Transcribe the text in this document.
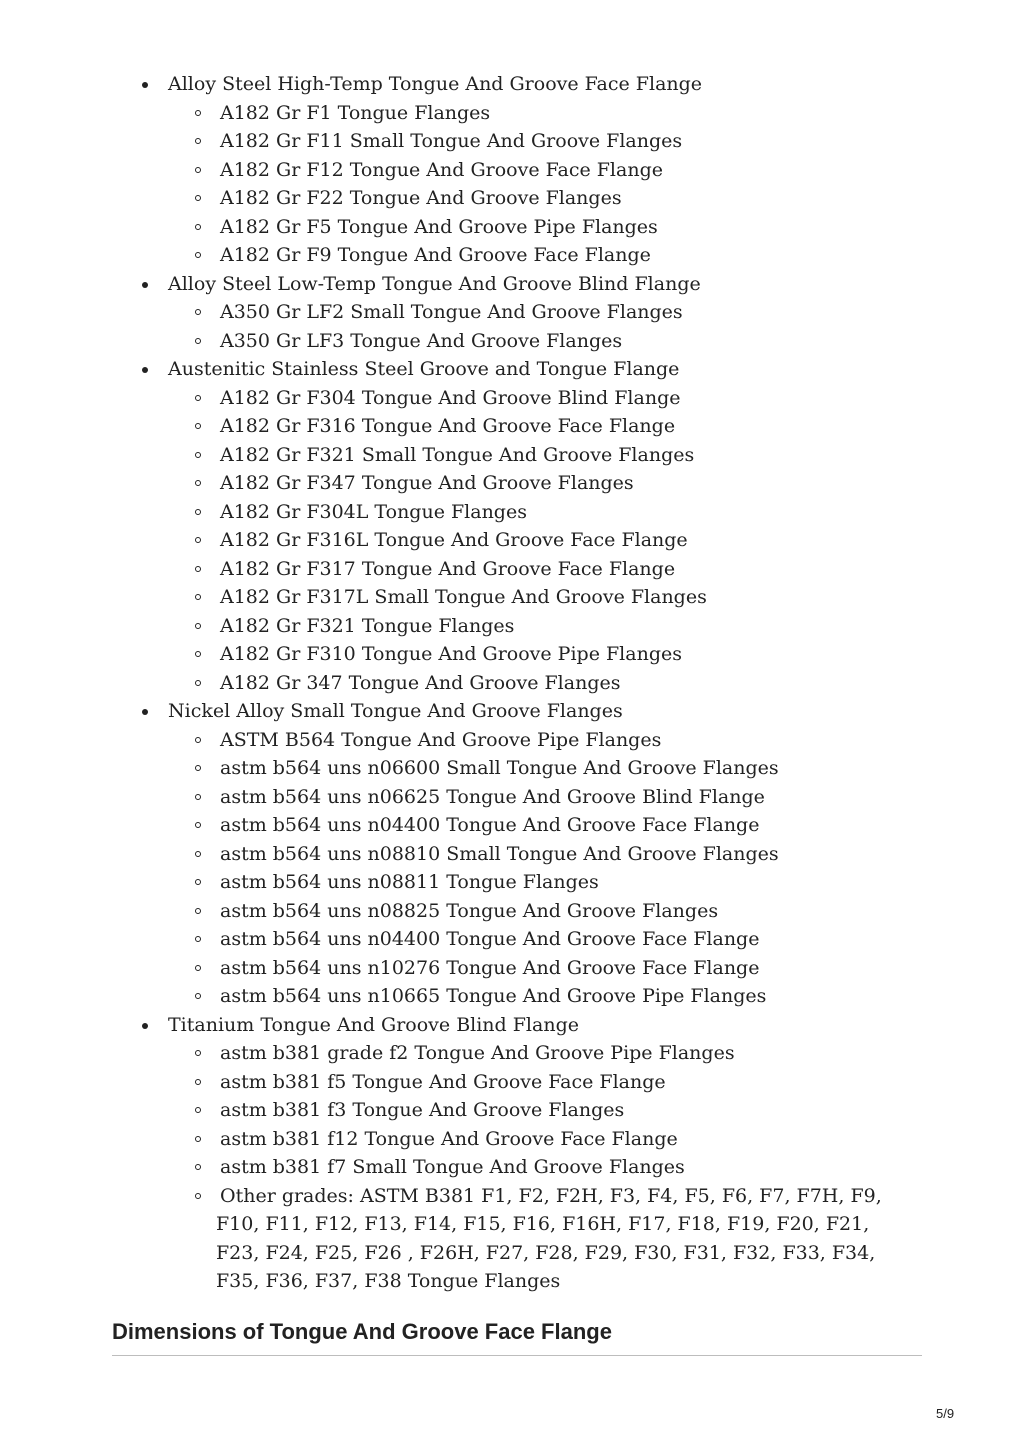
Alloy Steel High-Temp Tongue And Groove Face Flange
A182 Gr F1 Tongue Flanges
A182 Gr F11 Small Tongue And Groove Flanges
A182 Gr F12 Tongue And Groove Face Flange
A182 Gr F22 Tongue And Groove Flanges
A182 Gr F5 Tongue And Groove Pipe Flanges
A182 Gr F9 Tongue And Groove Face Flange
Alloy Steel Low-Temp Tongue And Groove Blind Flange
A350 Gr LF2 Small Tongue And Groove Flanges
A350 Gr LF3 Tongue And Groove Flanges
Austenitic Stainless Steel Groove and Tongue Flange
A182 Gr F304 Tongue And Groove Blind Flange
A182 Gr F316 Tongue And Groove Face Flange
A182 Gr F321 Small Tongue And Groove Flanges
A182 Gr F347 Tongue And Groove Flanges
A182 Gr F304L Tongue Flanges
A182 Gr F316L Tongue And Groove Face Flange
A182 Gr F317 Tongue And Groove Face Flange
A182 Gr F317L Small Tongue And Groove Flanges
A182 Gr F321 Tongue Flanges
A182 Gr F310 Tongue And Groove Pipe Flanges
A182 Gr 347 Tongue And Groove Flanges
Nickel Alloy Small Tongue And Groove Flanges
ASTM B564 Tongue And Groove Pipe Flanges
astm b564 uns n06600 Small Tongue And Groove Flanges
astm b564 uns n06625 Tongue And Groove Blind Flange
astm b564 uns n04400 Tongue And Groove Face Flange
astm b564 uns n08810 Small Tongue And Groove Flanges
astm b564 uns n08811 Tongue Flanges
astm b564 uns n08825 Tongue And Groove Flanges
astm b564 uns n04400 Tongue And Groove Face Flange
astm b564 uns n10276 Tongue And Groove Face Flange
astm b564 uns n10665 Tongue And Groove Pipe Flanges
Titanium Tongue And Groove Blind Flange
astm b381 grade f2 Tongue And Groove Pipe Flanges
astm b381 f5 Tongue And Groove Face Flange
astm b381 f3 Tongue And Groove Flanges
astm b381 f12 Tongue And Groove Face Flange
astm b381 f7 Small Tongue And Groove Flanges
Other grades: ASTM B381 F1, F2, F2H, F3, F4, F5, F6, F7, F7H, F9, F10, F11, F12, F13, F14, F15, F16, F16H, F17, F18, F19, F20, F21, F23, F24, F25, F26 , F26H, F27, F28, F29, F30, F31, F32, F33, F34, F35, F36, F37, F38 Tongue Flanges
Dimensions of Tongue And Groove Face Flange
5/9
